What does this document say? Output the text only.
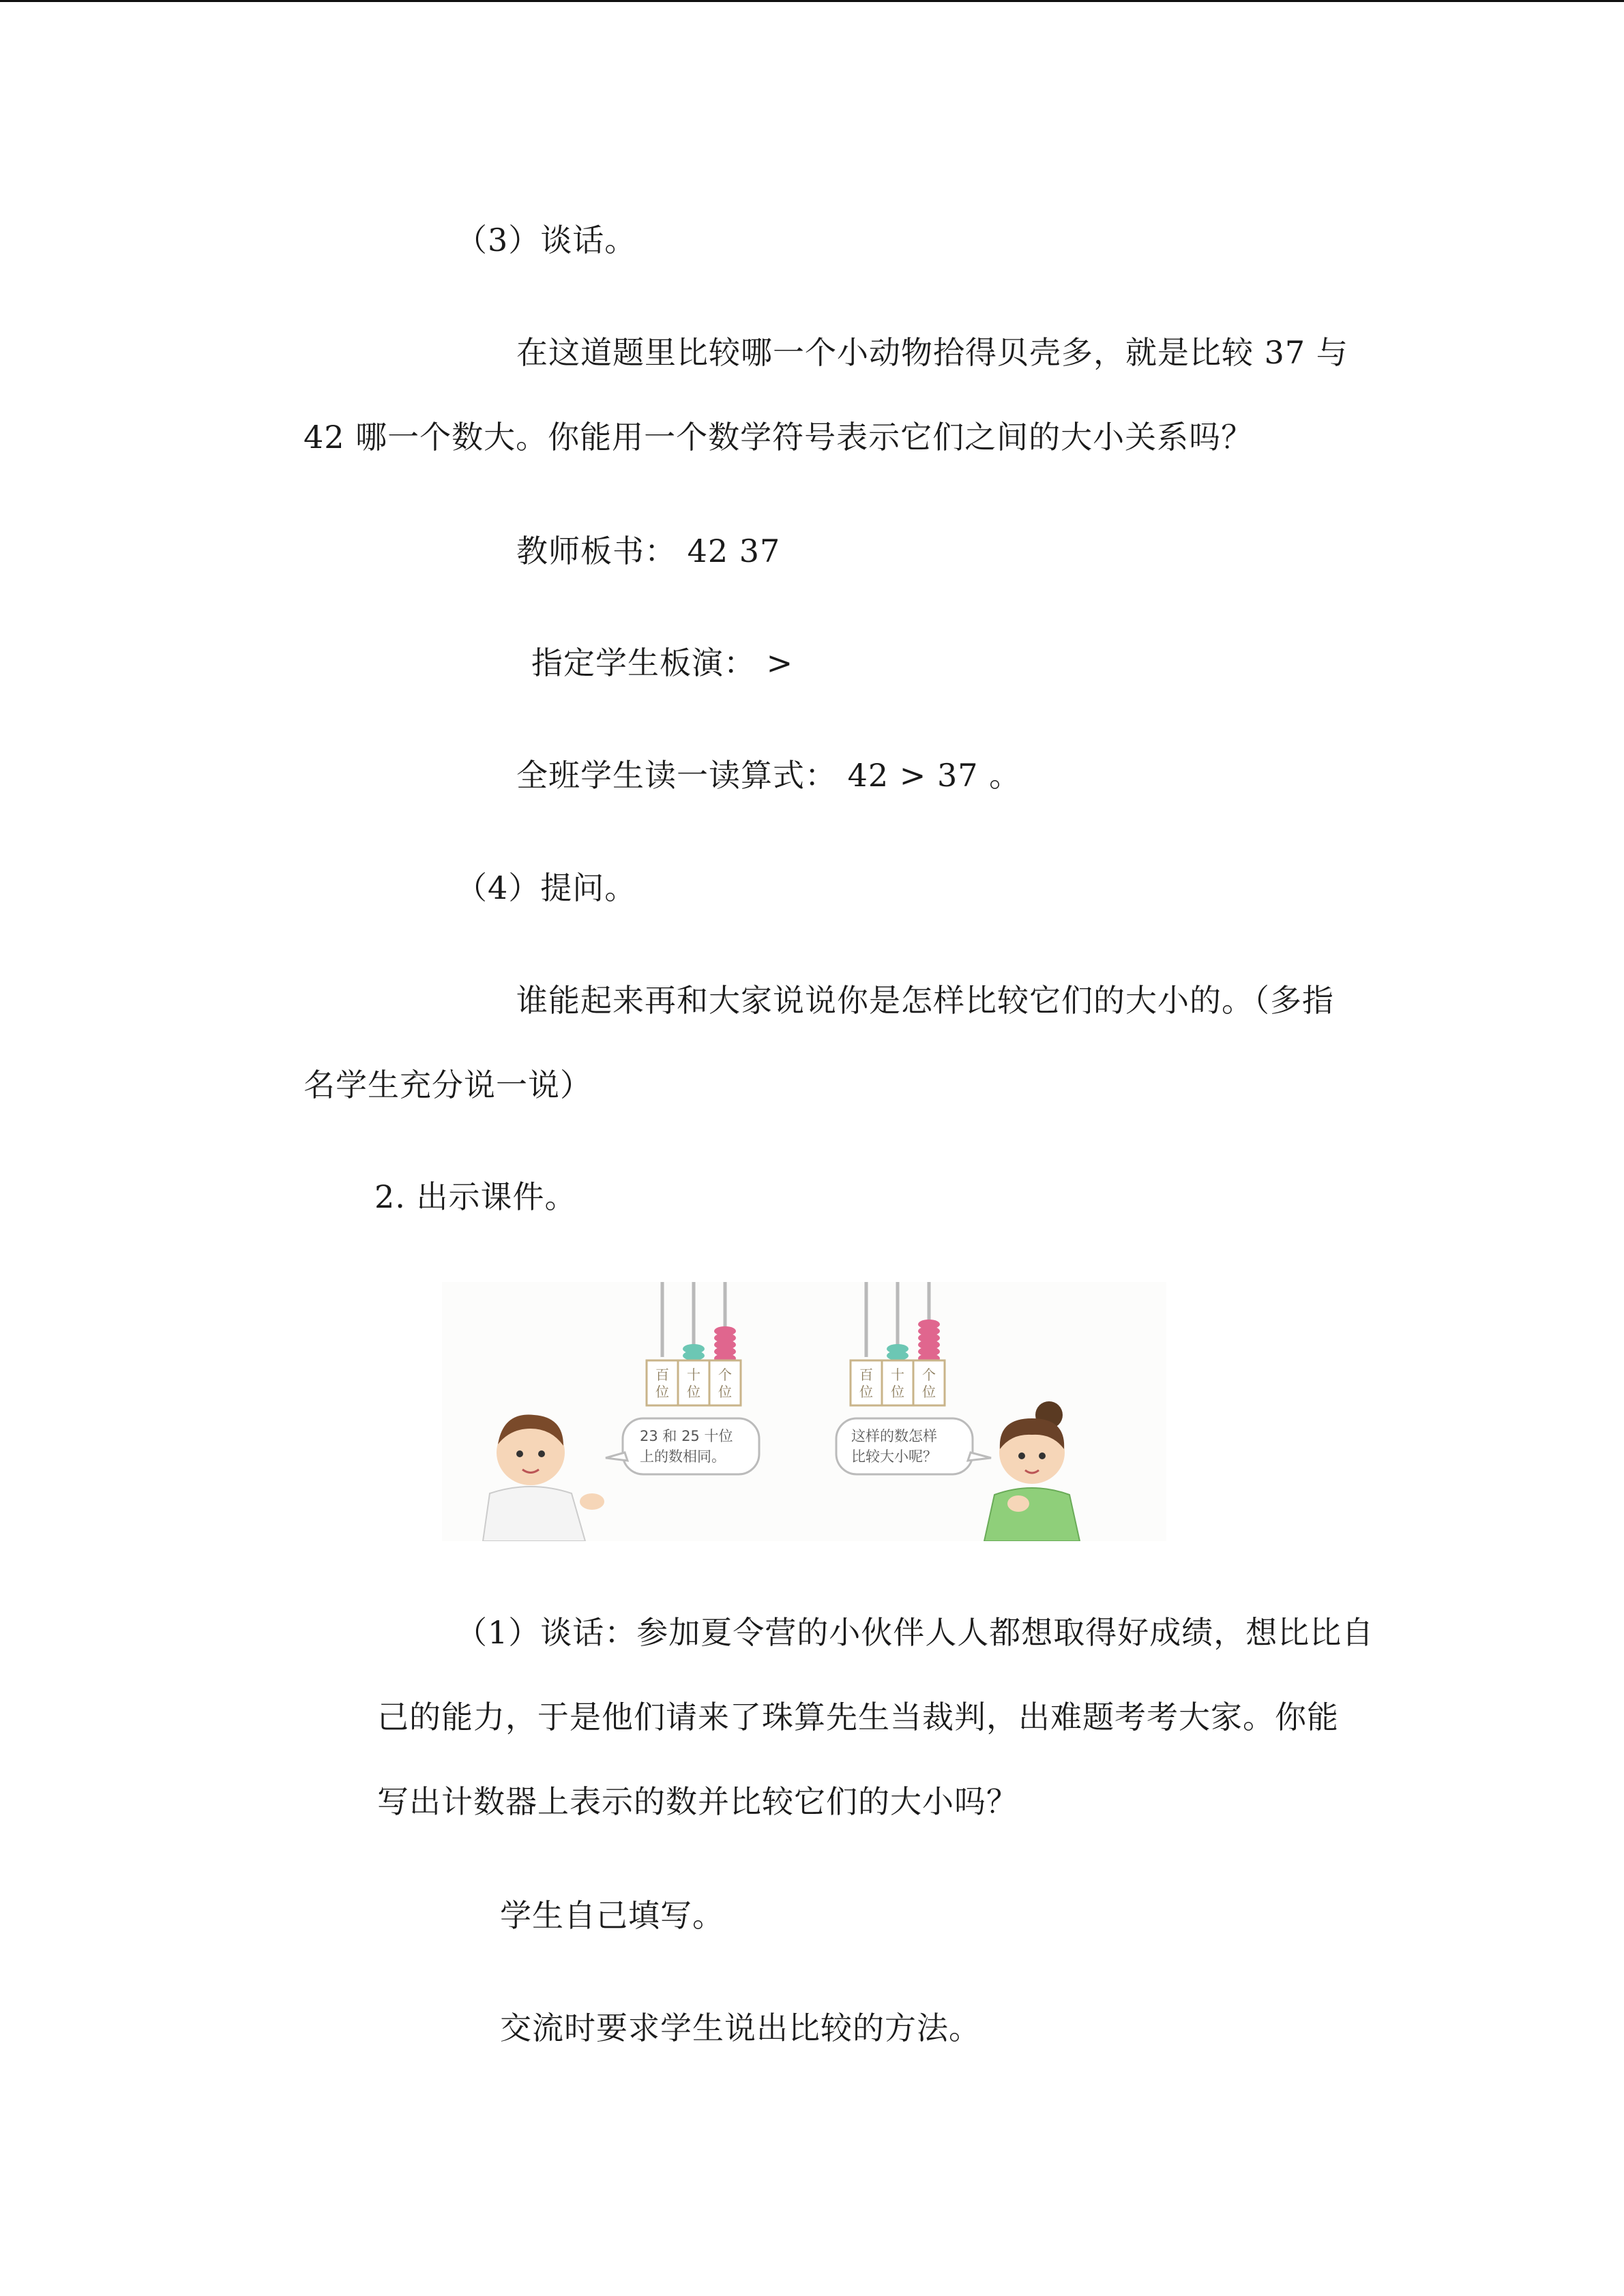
（3）谈话。
在这道题里比较哪一个小动物拾得贝壳多，就是比较 37 与
42 哪一个数大。你能用一个数学符号表示它们之间的大小关系吗？
教师板书： 42 37
指定学生板演： >
全班学生读一读算式： 42 > 37 。
（4）提问。
谁能起来再和大家说说你是怎样比较它们的大小的。（多指
名学生充分说一说）
2. 出示课件。
百
位
十
位
个
位
百
位
十
位
个
位
23 和 25 十位
上的数相同。
这样的数怎样
比较大小呢？
（1）谈话：参加夏令营的小伙伴人人都想取得好成绩，想比比自
己的能力，于是他们请来了珠算先生当裁判，出难题考考大家。你能
写出计数器上表示的数并比较它们的大小吗？
学生自己填写。
交流时要求学生说出比较的方法。
